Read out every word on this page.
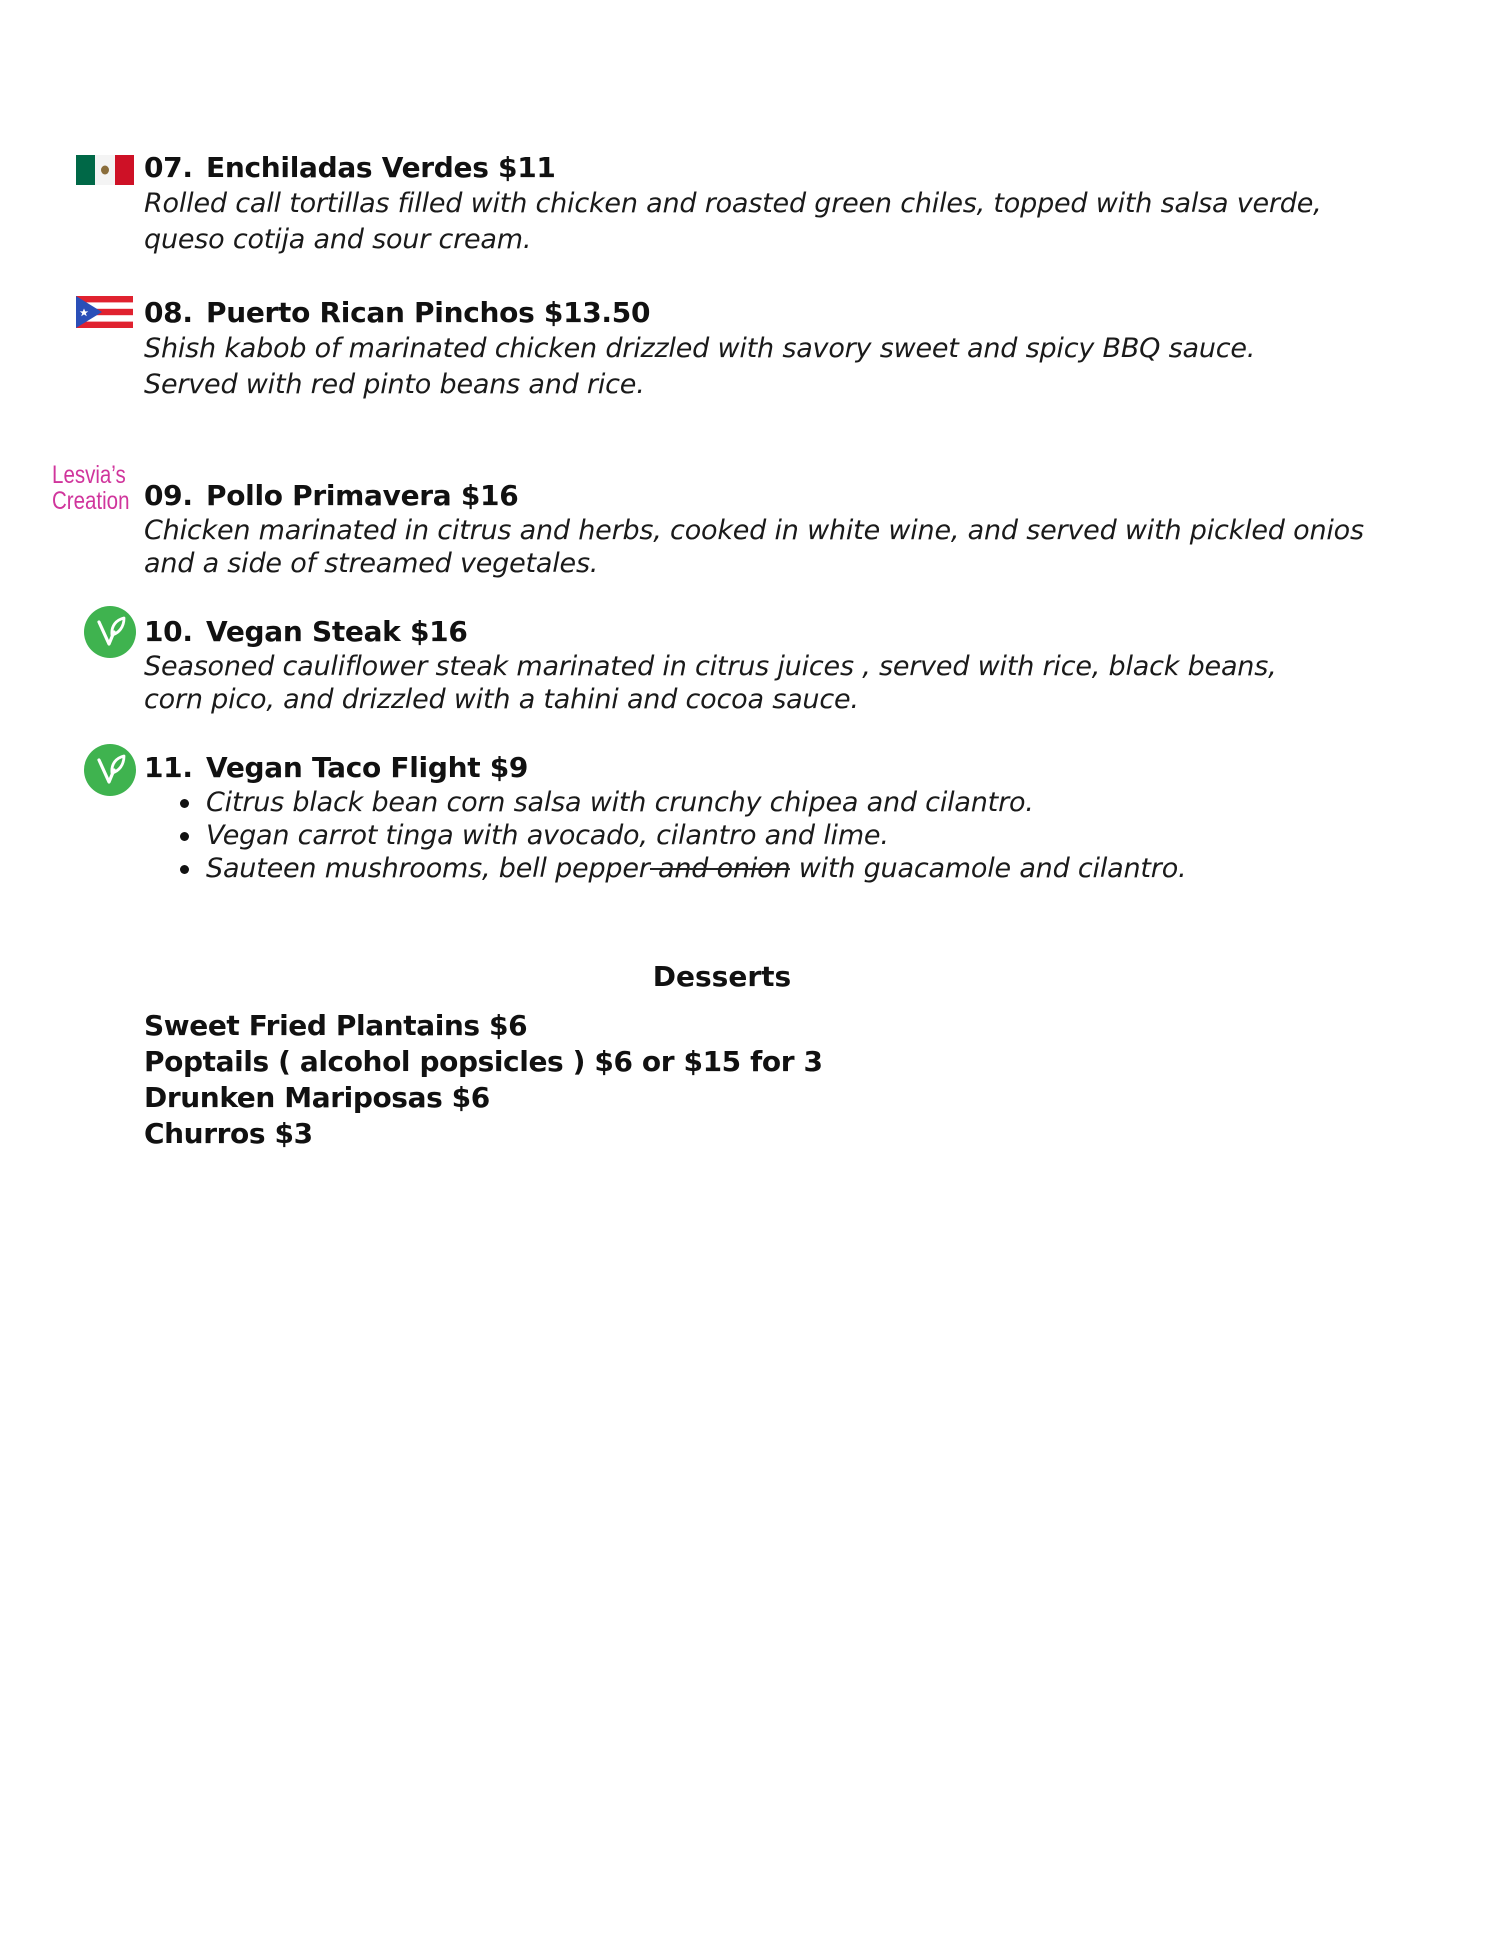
07. Enchiladas Verdes $11

Rolled call tortillas filled with chicken and roasted green chiles, topped with salsa verde, queso cotija and sour cream.

08. Puerto Rican Pinchos $13.50

Shish kabob of marinated chicken drizzled with savory sweet and spicy BBQ sauce.

Served with red pinto beans and rice.

Lesvia’s
Creation 09. Pollo Primavera $16

Chicken marinated in citrus and herbs, cooked in white wine, and served with pickled onios and a side of streamed vegetales.

10. Vegan Steak $16

Seasoned cauliflower steak marinated in citrus juices , served with rice, black beans,

corn pico, and drizzled with a tahini and cocoa sauce.

11. Vegan Taco Flight $9
Citrus black bean corn salsa with crunchy chipea and cilantro.
Vegan carrot tinga with avocado, cilantro and lime.
Sauteen mushrooms, bell pepper and onion with guacamole and cilantro.
Desserts
Sweet Fried Plantains $6
Poptails ( alcohol popsicles ) $6 or $15 for 3
Drunken Mariposas $6
Churros $3
